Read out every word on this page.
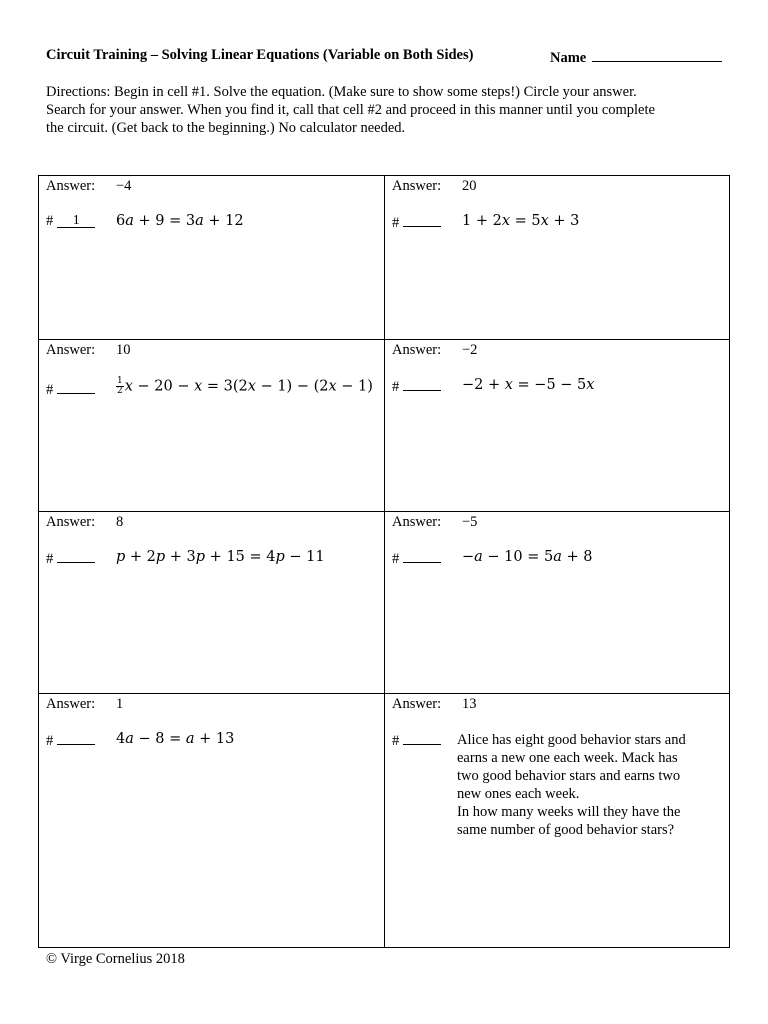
Circuit Training – Solving Linear Equations (Variable on Both Sides)	Name
Directions: Begin in cell #1. Solve the equation. (Make sure to show some steps!) Circle your answer.
Search for your answer. When you find it, call that cell #2 and proceed in this manner until you complete
the circuit. (Get back to the beginning.) No calculator needed.
Answer: −4
# 1	6a + 9 = 3a + 12
Answer: 20
#	1 + 2x = 5x + 3
Answer: 10
#	$\frac{1}{2}$ x − 20 − x = 3(2x − 1) − (2x − 1)
Answer: −2
#	−2 + x = −5 − 5x
Answer: 8
#	p + 2p + 3p + 15 = 4p − 11
Answer: −5
#	−a − 10 = 5a + 8
Answer: 1
#	4a − 8 = a + 13
Answer: 13
#	Alice has eight good behavior stars and
earns a new one each week. Mack has
two good behavior stars and earns two
new ones each week.
In how many weeks will they have the
same number of good behavior stars?
© Virge Cornelius 2018
